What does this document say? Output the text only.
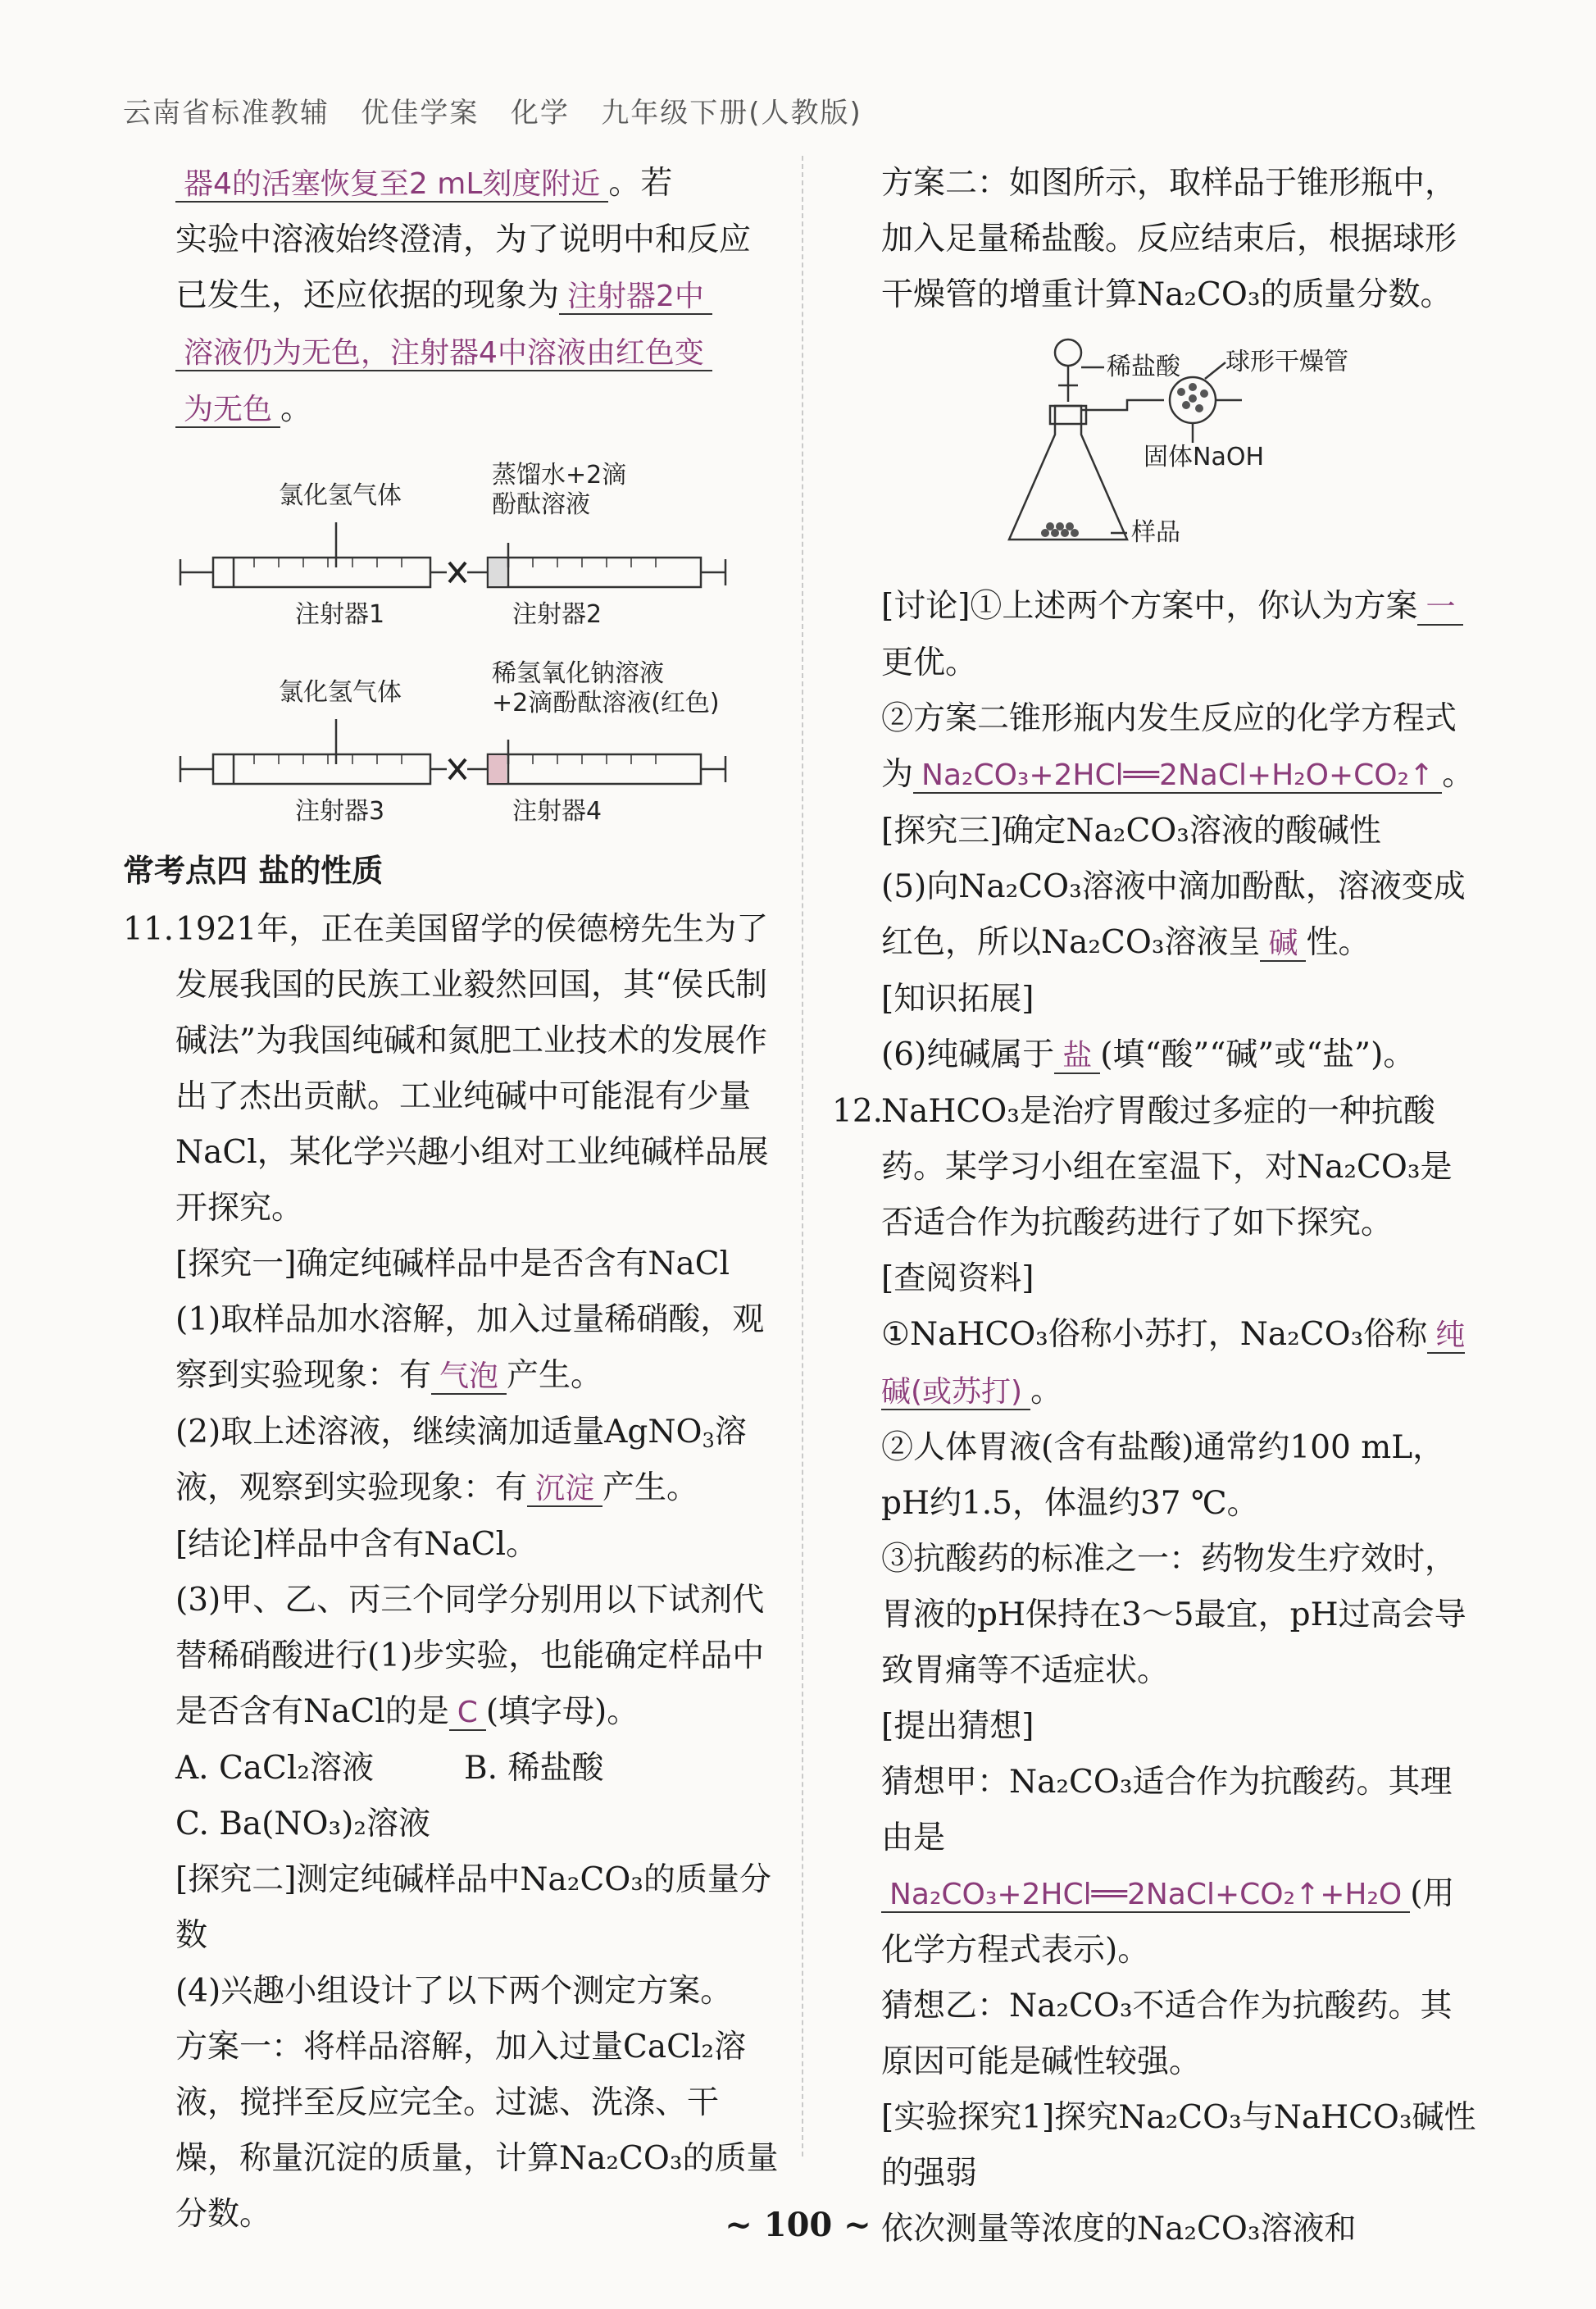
云南省标准教辅   优佳学案   化学   九年级下册(人教版)

器4的活塞恢复至2 mL刻度附近 。若

实验中溶液始终澄清，为了说明中和反应

已发生，还应依据的现象为 注射器2中

溶液仍为无色，注射器4中溶液由红色变

为无色 。

氯化氢气体
蒸馏水+2滴
酚酞溶液
注射器1	注射器2
氯化氢气体
稀氢氧化钠溶液
+2滴酚酞溶液(红色)
注射器3	注射器4
常考点四 盐的性质
11. 1921年，正在美国留学的侯德榜先生为了发展我国的民族工业毅然回国，其“侯氏制碱法”为我国纯碱和氮肥工业技术的发展作出了杰出贡献。工业纯碱中可能混有少量NaCl，某化学兴趣小组对工业纯碱样品展开探究。

[探究一]确定纯碱样品中是否含有NaCl

(1)取样品加水溶解，加入过量稀硝酸，观察到实验现象：有 气泡 产生。

(2)取上述溶液，继续滴加适量AgNO$_3$溶液，观察到实验现象：有 沉淀 产生。

[结论]样品中含有NaCl。

(3)甲、乙、丙三个同学分别用以下试剂代替稀硝酸进行(1)步实验，也能确定样品中是否含有NaCl的是 C (填字母)。

A. CaCl₂溶液	B. 稀盐酸

C. Ba(NO₃)₂溶液

[探究二]测定纯碱样品中Na₂CO₃的质量分数

(4)兴趣小组设计了以下两个测定方案。

方案一：将样品溶解，加入过量CaCl₂溶液，搅拌至反应完全。过滤、洗涤、干燥，称量沉淀的质量，计算Na₂CO₃的质量分数。

方案二：如图所示，取样品于锥形瓶中，加入足量稀盐酸。反应结束后，根据球形干燥管的增重计算Na₂CO₃的质量分数。

稀盐酸 球形干燥管
固体NaOH
样品

[讨论]①上述两个方案中，你认为方案 一更优。

②方案二锥形瓶内发生反应的化学方程式为 Na₂CO₃+2HCl══2NaCl+H₂O+CO₂↑ 。

[探究三]确定Na₂CO₃溶液的酸碱性

(5)向Na₂CO₃溶液中滴加酚酞，溶液变成红色，所以Na₂CO₃溶液呈 碱 性。

[知识拓展]

(6)纯碱属于 盐 (填“酸”“碱”或“盐”)。

12.
NaHCO₃是治疗胃酸过多症的一种抗酸药。某学习小组在室温下，对Na₂CO₃是否适合作为抗酸药进行了如下探究。

[查阅资料]

①NaHCO₃俗称小苏打，Na₂CO₃俗称 纯碱(或苏打) 。

②人体胃液(含有盐酸)通常约100 mL，pH约1.5，体温约37 ℃。

③抗酸药的标准之一：药物发生疗效时，胃液的pH保持在3～5最宜，pH过高会导致胃痛等不适症状。

[提出猜想]

猜想甲：Na₂CO₃适合作为抗酸药。其理由是Na₂CO₃+2HCl══2NaCl+CO₂↑+H₂O (用化学方程式表示)。

猜想乙：Na₂CO₃不适合作为抗酸药。其原因可能是碱性较强。

[实验探究1]探究Na₂CO₃与NaHCO₃碱性的强弱

依次测量等浓度的Na₂CO₃溶液和

~ 100 ~
